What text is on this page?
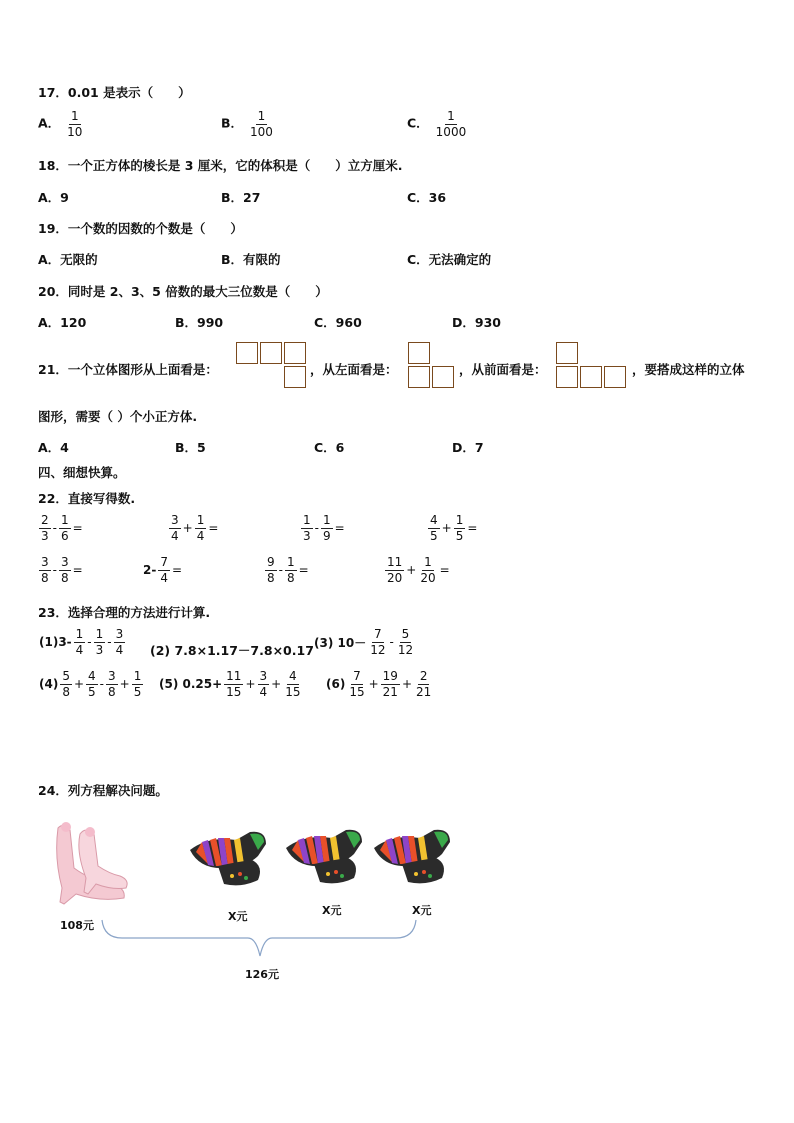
17．0.01 是表示（　　）
A． $\frac{1}{10}$	B． $\frac{1}{100}$	C． $\frac{1}{1000}$
18．一个正方体的棱长是 3 厘米，它的体积是（　　）立方厘米.
A．9	B．27	C．36
19．一个数的因数的个数是（　　）
A．无限的	B．有限的	C．无法确定的
20．同时是 2、3、5 倍数的最大三位数是（　　）
A．120	B．990	C．960	D．930
21．一个立体图形从上面看是：	，从左面看是：	，从前面看是：	，要搭成这样的立体
图形，需要（ ）个小正方体.
A．4	B．5	C．6	D．7
四、细想快算。
22．直接写得数.
$\frac{2}{3} - \frac{1}{6}$ =	$\frac{3}{4} + \frac{1}{4}$ =	$\frac{1}{3} - \frac{1}{9}$ =	$\frac{4}{5} + \frac{1}{5}$ =
$\frac{3}{8} - \frac{3}{8}$ =	$2- \frac{7}{4}$ =	$\frac{9}{8} - \frac{1}{8}$ =	$\frac{11}{20} + \frac{1}{20}$ =
23．选择合理的方法进行计算.
$(1)3- \frac{1}{4} - \frac{1}{3} - \frac{3}{4} (2)$ 7.8×1.17－7.8×0.17
(3) $10- \frac{7}{12} - \frac{5}{12}$
$(4) \frac{5}{8} + \frac{4}{5} - \frac{3}{8} + \frac{1}{5} (5)$ $0.25+ \frac{11}{15} + \frac{3}{4} + \frac{4}{15} (6) \frac{7}{15} + \frac{19}{21} + \frac{2}{21}$
24．列方程解决问题。
108元
X元	X元	X元
126元
